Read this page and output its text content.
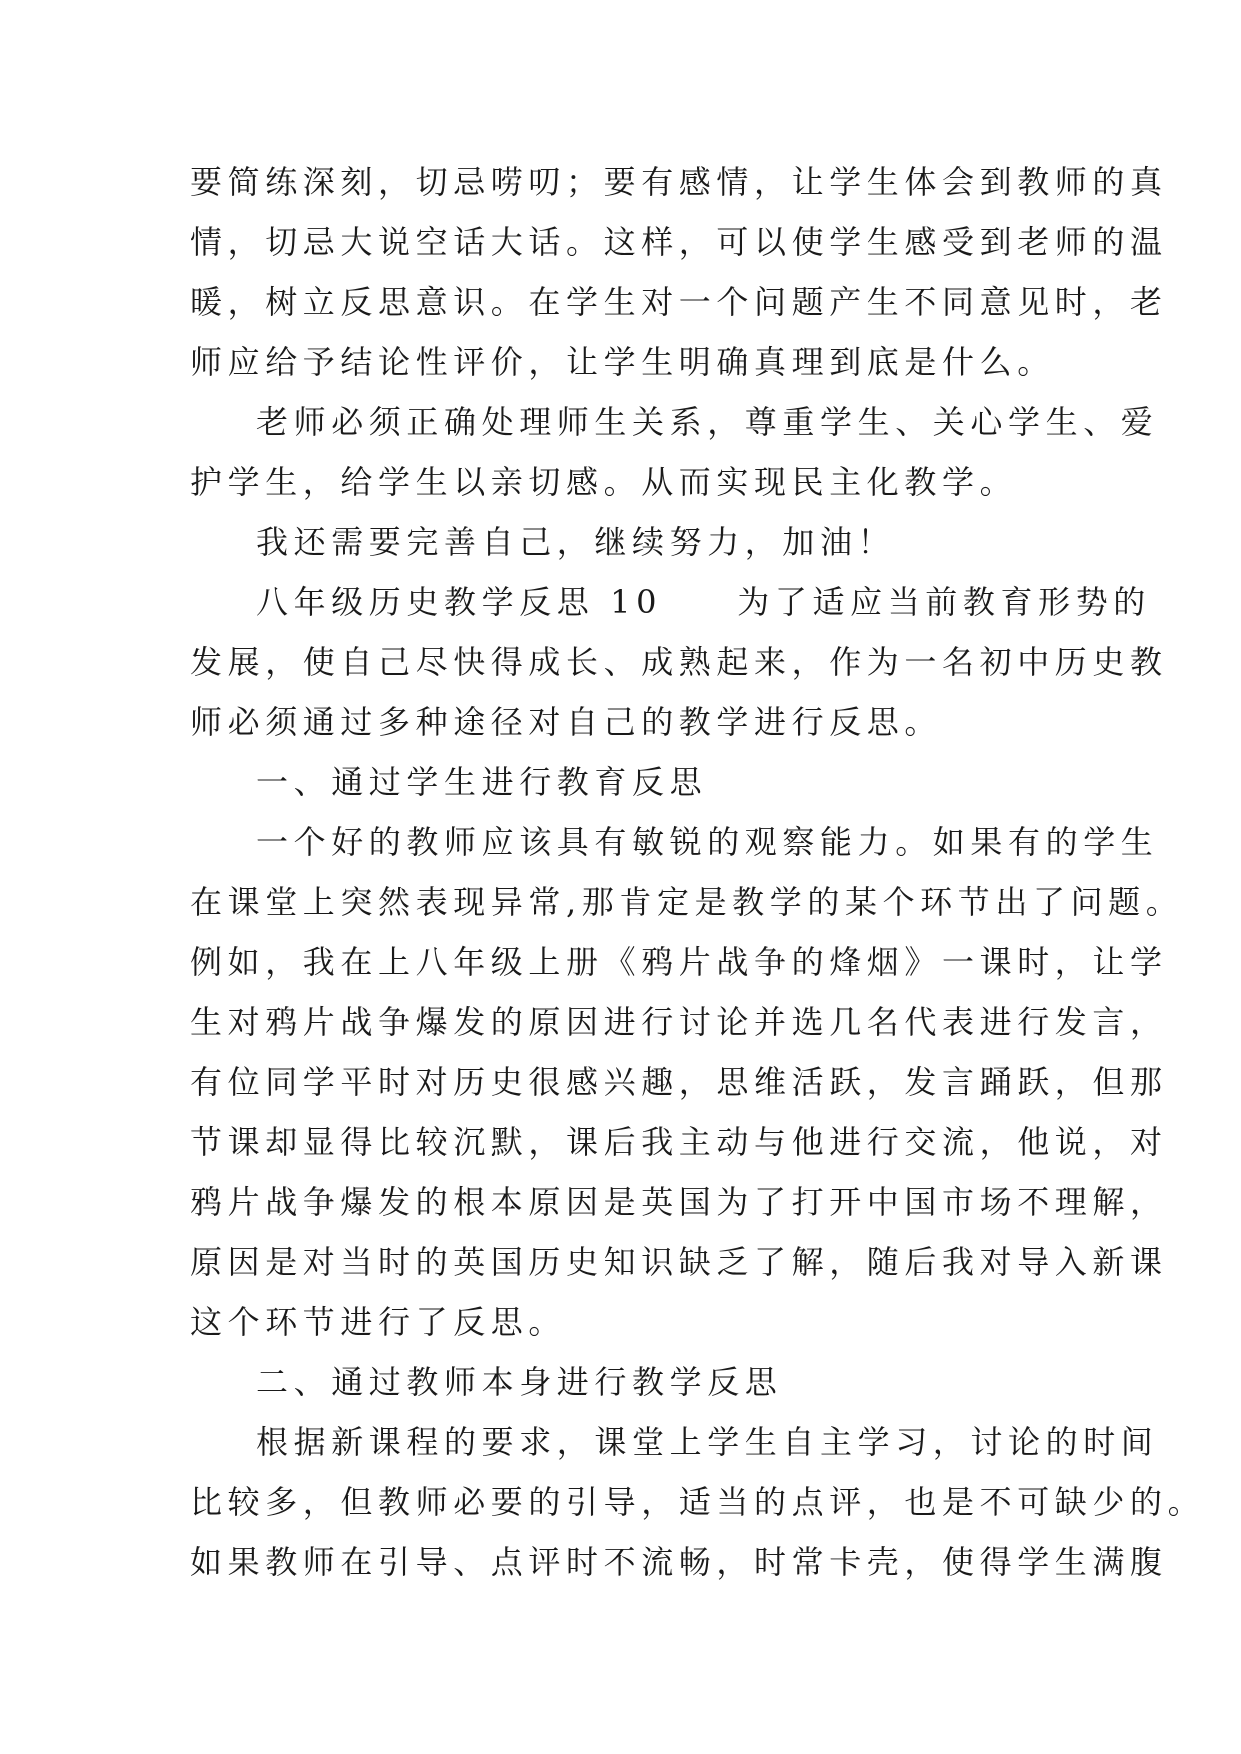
要简练深刻，切忌唠叨；要有感情，让学生体会到教师的真
情，切忌大说空话大话。这样，可以使学生感受到老师的温
暖，树立反思意识。在学生对一个问题产生不同意见时，老
师应给予结论性评价，让学生明确真理到底是什么。
老师必须正确处理师生关系，尊重学生、关心学生、爱
护学生，给学生以亲切感。从而实现民主化教学。
我还需要完善自己，继续努力，加油！
八年级历史教学反思 10　　为了适应当前教育形势的
发展，使自己尽快得成长、成熟起来，作为一名初中历史教
师必须通过多种途径对自己的教学进行反思。
一、通过学生进行教育反思
一个好的教师应该具有敏锐的观察能力。如果有的学生
在课堂上突然表现异常,那肯定是教学的某个环节出了问题。
例如，我在上八年级上册《鸦片战争的烽烟》一课时，让学
生对鸦片战争爆发的原因进行讨论并选几名代表进行发言，
有位同学平时对历史很感兴趣，思维活跃，发言踊跃，但那
节课却显得比较沉默，课后我主动与他进行交流，他说，对
鸦片战争爆发的根本原因是英国为了打开中国市场不理解，
原因是对当时的英国历史知识缺乏了解，随后我对导入新课
这个环节进行了反思。
二、通过教师本身进行教学反思
根据新课程的要求，课堂上学生自主学习，讨论的时间
比较多，但教师必要的引导，适当的点评，也是不可缺少的。
如果教师在引导、点评时不流畅，时常卡壳，使得学生满腹
